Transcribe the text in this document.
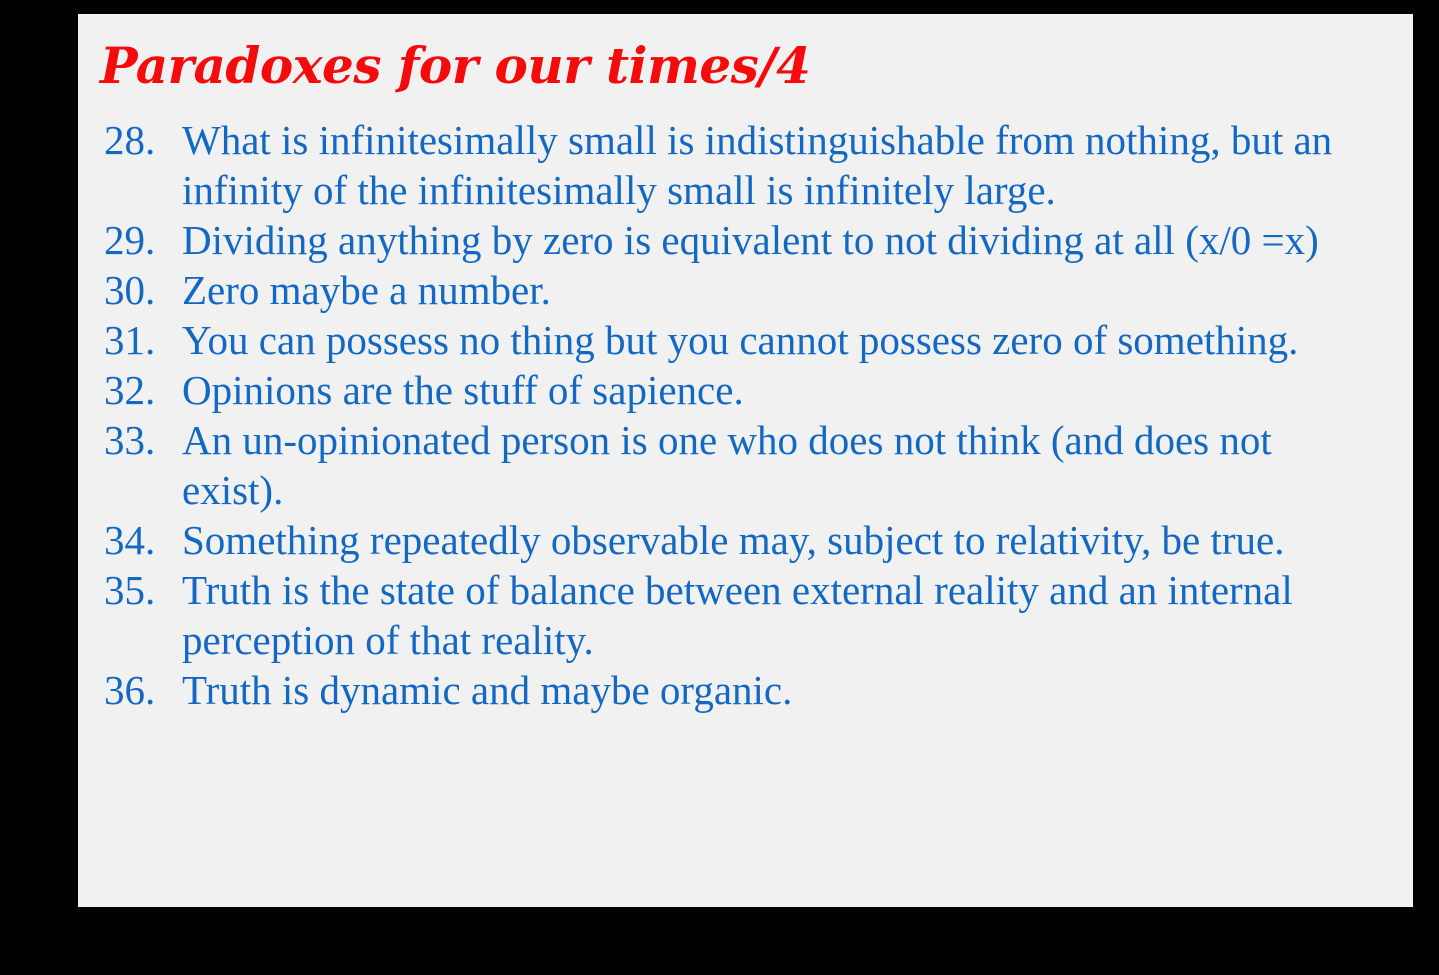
Paradoxes for our times/4
28. What is infinitesimally small is indistinguishable from nothing, but an infinity of the infinitesimally small is infinitely large.
29. Dividing anything by zero is equivalent to not dividing at all (x/0 =x)
30. Zero maybe a number.
31. You can possess no thing but you cannot possess zero of something.
32. Opinions are the stuff of sapience.
33. An un-opinionated person is one who does not think (and does not exist).
34. Something repeatedly observable may, subject to relativity, be true.
35. Truth is the state of balance between external reality and an internal perception of that reality.
36. Truth is dynamic and maybe organic.
